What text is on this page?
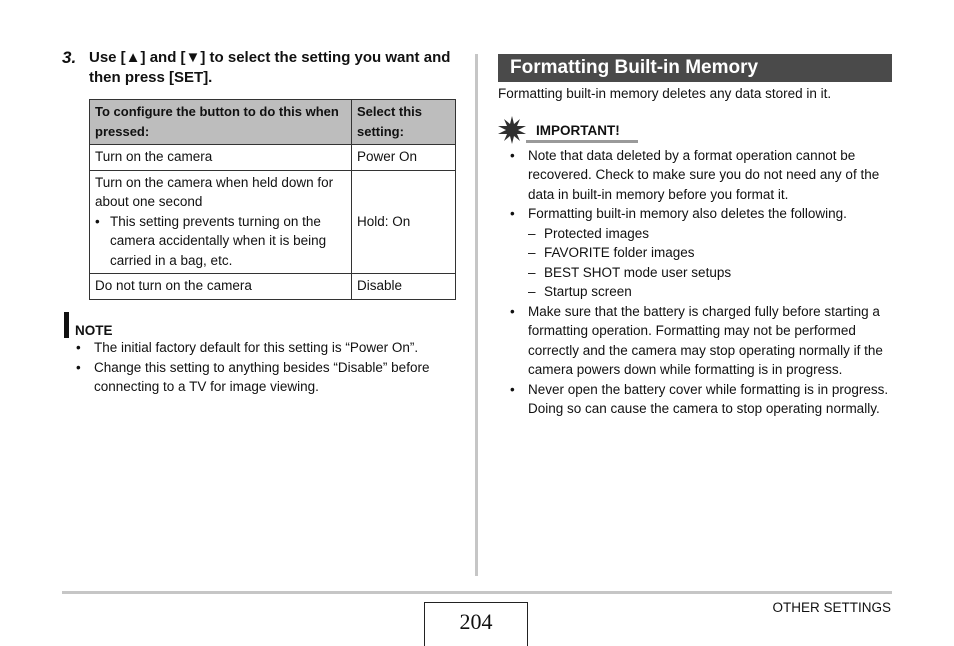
3. Use [▲] and [▼] to select the setting you want and then press [SET].
To configure the button to do this when pressed:	Select this setting:
Turn on the camera	Power On

Turn on the camera when held down for about one second
• This setting prevents turning on the camera accidentally when it is being carried in a bag, etc.	Hold: On
Do not turn on the camera	Disable
NOTE
• The initial factory default for this setting is “Power On”.
• Change this setting to anything besides “Disable” before connecting to a TV for image viewing.
Formatting Built-in Memory
Formatting built-in memory deletes any data stored in it.
IMPORTANT!
• Note that data deleted by a format operation cannot be recovered. Check to make sure you do not need any of the data in built-in memory before you format it.
• Formatting built-in memory also deletes the following.
– Protected images
– FAVORITE folder images
– BEST SHOT mode user setups
– Startup screen
• Make sure that the battery is charged fully before starting a formatting operation. Formatting may not be performed correctly and the camera may stop operating normally if the camera powers down while formatting is in progress.
• Never open the battery cover while formatting is in progress. Doing so can cause the camera to stop operating normally.
204
OTHER SETTINGS
